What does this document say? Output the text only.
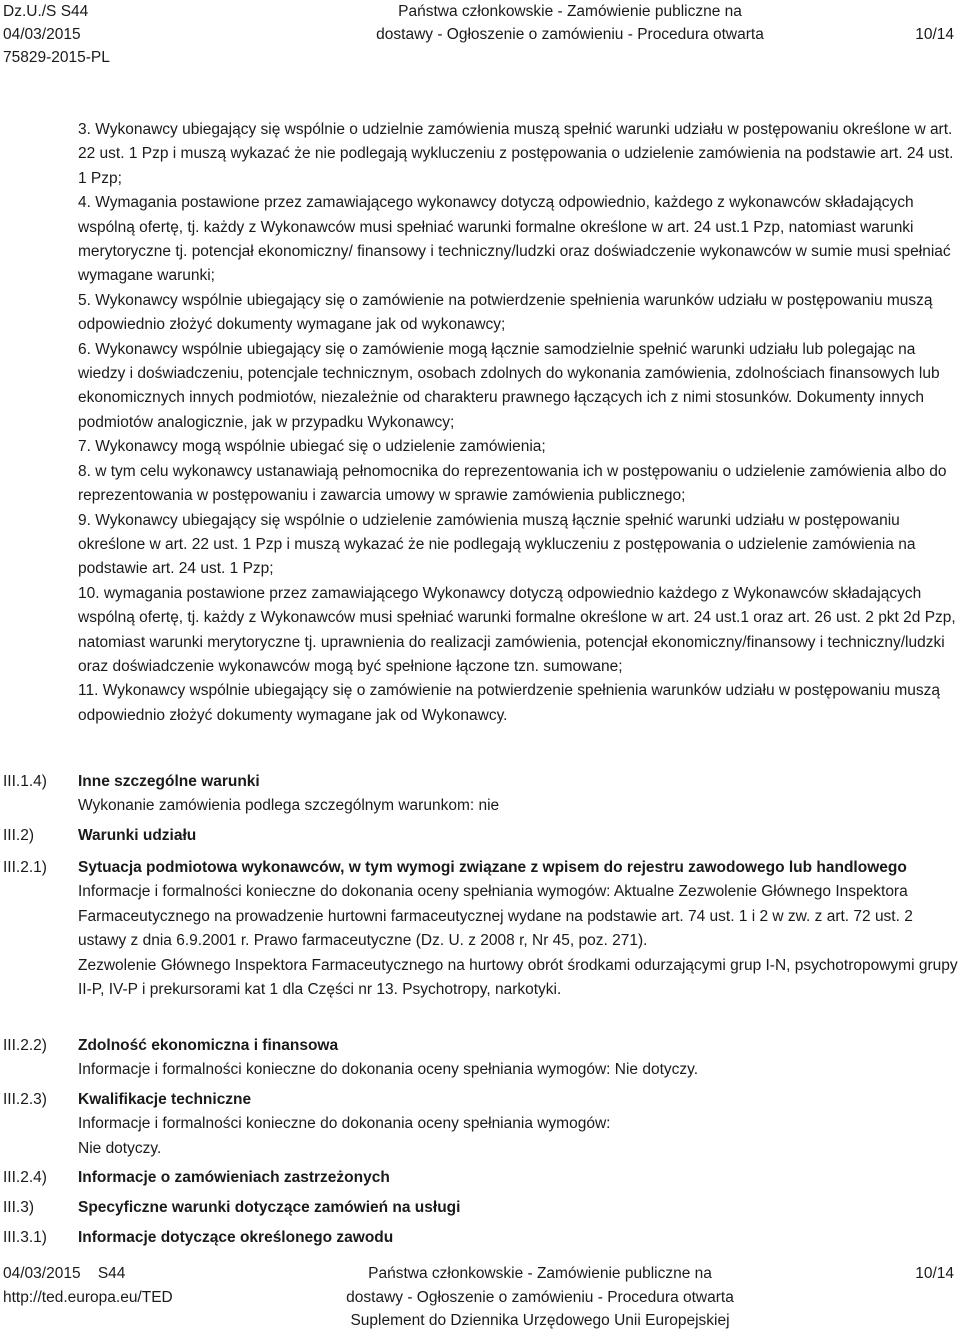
Dz.U./S S44
04/03/2015
75829-2015-PL
Państwa członkowskie - Zamówienie publiczne na
dostawy - Ogłoszenie o zamówieniu - Procedura otwarta	10/14

3. Wykonawcy ubiegający się wspólnie o udzielnie zamówienia muszą spełnić warunki udziału w postępowaniu określone w art. 22 ust. 1 Pzp i muszą wykazać że nie podlegają wykluczeniu z postępowania o udzielenie zamówienia na podstawie art. 24 ust. 1 Pzp;

4. Wymagania postawione przez zamawiającego wykonawcy dotyczą odpowiednio, każdego z wykonawców składających wspólną ofertę, tj. każdy z Wykonawców musi spełniać warunki formalne określone w art. 24 ust.1 Pzp, natomiast warunki merytoryczne tj. potencjał ekonomiczny/ finansowy i techniczny/ludzki oraz doświadczenie wykonawców w sumie musi spełniać wymagane warunki;

5. Wykonawcy wspólnie ubiegający się o zamówienie na potwierdzenie spełnienia warunków udziału w postępowaniu muszą odpowiednio złożyć dokumenty wymagane jak od wykonawcy;

6. Wykonawcy wspólnie ubiegający się o zamówienie mogą łącznie samodzielnie spełnić warunki udziału lub polegając na wiedzy i doświadczeniu, potencjale technicznym, osobach zdolnych do wykonania zamówienia, zdolnościach finansowych lub ekonomicznych innych podmiotów, niezależnie od charakteru prawnego łączących ich z nimi stosunków. Dokumenty innych podmiotów analogicznie, jak w przypadku Wykonawcy;

7. Wykonawcy mogą wspólnie ubiegać się o udzielenie zamówienia;

8. w tym celu wykonawcy ustanawiają pełnomocnika do reprezentowania ich w postępowaniu o udzielenie zamówienia albo do reprezentowania w postępowaniu i zawarcia umowy w sprawie zamówienia publicznego;

9. Wykonawcy ubiegający się wspólnie o udzielenie zamówienia muszą łącznie spełnić warunki udziału w postępowaniu określone w art. 22 ust. 1 Pzp i muszą wykazać że nie podlegają wykluczeniu z postępowania o udzielenie zamówienia na podstawie art. 24 ust. 1 Pzp;

10. wymagania postawione przez zamawiającego Wykonawcy dotyczą odpowiednio każdego z Wykonawców składających wspólną ofertę, tj. każdy z Wykonawców musi spełniać warunki formalne określone w art. 24 ust.1 oraz art. 26 ust. 2 pkt 2d Pzp, natomiast warunki merytoryczne tj. uprawnienia do realizacji zamówienia, potencjał ekonomiczny/finansowy i techniczny/ludzki oraz doświadczenie wykonawców mogą być spełnione łączone tzn. sumowane;

11. Wykonawcy wspólnie ubiegający się o zamówienie na potwierdzenie spełnienia warunków udziału w postępowaniu muszą odpowiednio złożyć dokumenty wymagane jak od Wykonawcy.

III.1.4)
III.2)
III.2.1)
III.2.2)
III.2.3)
III.2.4)
III.3)
III.3.1)

Inne szczególne warunki

Wykonanie zamówienia podlega szczególnym warunkom: nie

Warunki udziału

Sytuacja podmiotowa wykonawców, w tym wymogi związane z wpisem do rejestru zawodowego lub handlowego

Informacje i formalności konieczne do dokonania oceny spełniania wymogów: Aktualne Zezwolenie Głównego Inspektora Farmaceutycznego na prowadzenie hurtowni farmaceutycznej wydane na podstawie art. 74 ust. 1 i 2 w zw. z art. 72 ust. 2 ustawy z dnia 6.9.2001 r. Prawo farmaceutyczne (Dz. U. z 2008 r, Nr 45, poz. 271).

Zezwolenie Głównego Inspektora Farmaceutycznego na hurtowy obrót środkami odurzającymi grup I-N, psychotropowymi grupy II-P, IV-P i prekursorami kat 1 dla Części nr 13. Psychotropy, narkotyki.

Zdolność ekonomiczna i finansowa

Informacje i formalności konieczne do dokonania oceny spełniania wymogów: Nie dotyczy.

Kwalifikacje techniczne

Informacje i formalności konieczne do dokonania oceny spełniania wymogów:

Nie dotyczy.

Informacje o zamówieniach zastrzeżonych

Specyficzne warunki dotyczące zamówień na usługi

Informacje dotyczące określonego zawodu

04/03/2015 S44
http://ted.europa.eu/TED
Państwa członkowskie - Zamówienie publiczne na
dostawy - Ogłoszenie o zamówieniu - Procedura otwarta
Suplement do Dziennika Urzędowego Unii Europejskiej
10/14
